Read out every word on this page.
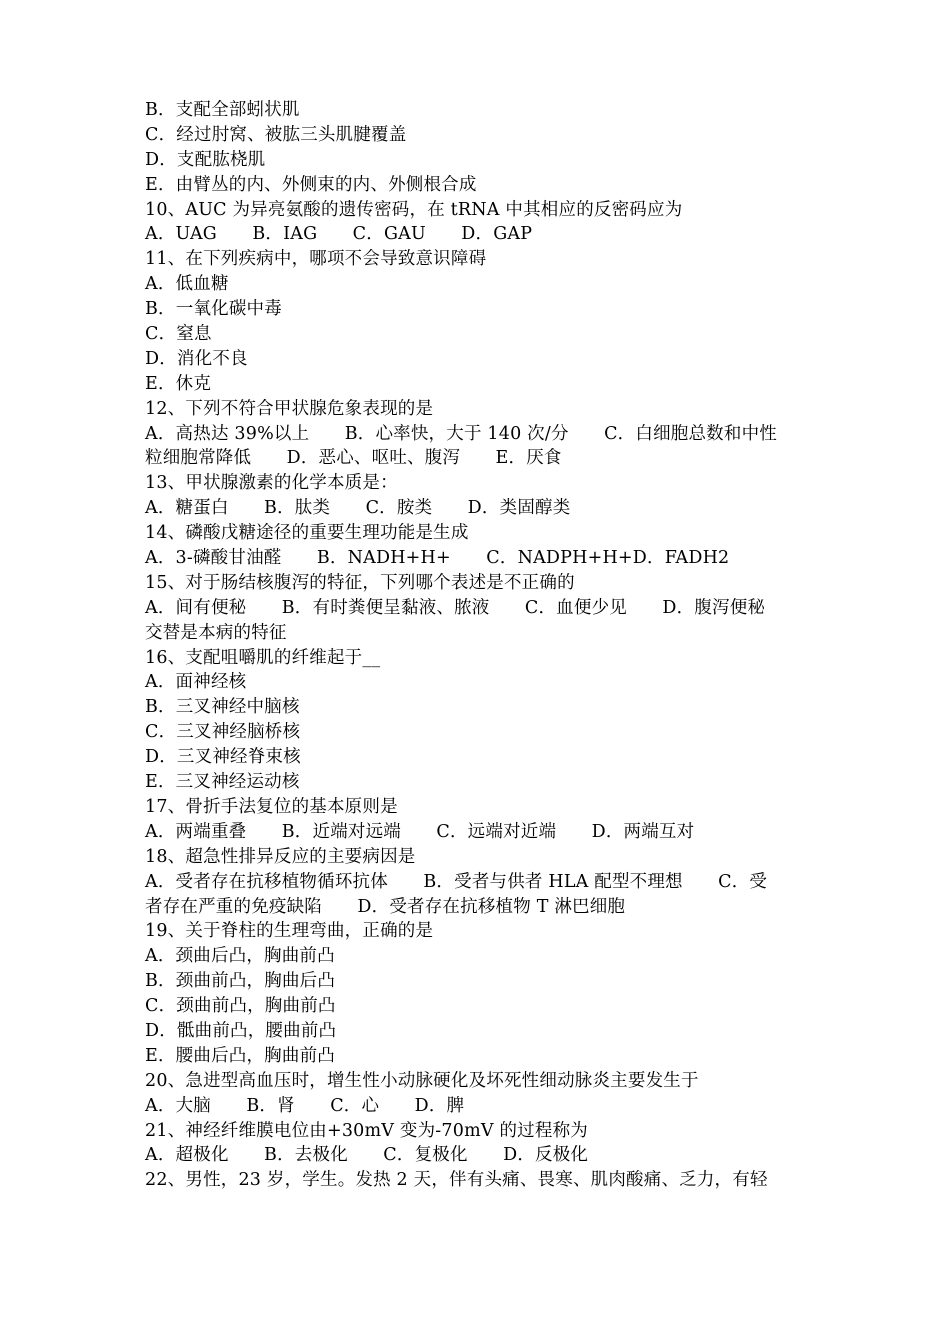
B．支配全部蚓状肌
C．经过肘窝、被肱三头肌腱覆盖
D．支配肱桡肌
E．由臂丛的内、外侧束的内、外侧根合成
10、AUC 为异亮氨酸的遗传密码，在 tRNA 中其相应的反密码应为
A．UAG　　B．IAG　　C．GAU　　D．GAP
11、在下列疾病中，哪项不会导致意识障碍
A．低血糖
B．一氧化碳中毒
C．窒息
D．消化不良
E．休克
12、下列不符合甲状腺危象表现的是
A．高热达 39%以上　　B．心率快，大于 140 次/分　　C．白细胞总数和中性
粒细胞常降低　　D．恶心、呕吐、腹泻　　E．厌食
13、甲状腺激素的化学本质是：
A．糖蛋白　　B．肽类　　C．胺类　　D．类固醇类
14、磷酸戊糖途径的重要生理功能是生成
A．3-磷酸甘油醛　　B．NADH+H+　　C．NADPH+H+D．FADH2
15、对于肠结核腹泻的特征，下列哪个表述是不正确的
A．间有便秘　　B．有时粪便呈黏液、脓液　　C．血便少见　　D．腹泻便秘
交替是本病的特征
16、支配咀嚼肌的纤维起于__
A．面神经核
B．三叉神经中脑核
C．三叉神经脑桥核
D．三叉神经脊束核
E．三叉神经运动核
17、骨折手法复位的基本原则是
A．两端重叠　　B．近端对远端　　C．远端对近端　　D．两端互对
18、超急性排异反应的主要病因是
A．受者存在抗移植物循环抗体　　B．受者与供者 HLA 配型不理想　　C．受
者存在严重的免疫缺陷　　D．受者存在抗移植物 T 淋巴细胞
19、关于脊柱的生理弯曲，正确的是
A．颈曲后凸，胸曲前凸
B．颈曲前凸，胸曲后凸
C．颈曲前凸，胸曲前凸
D．骶曲前凸，腰曲前凸
E．腰曲后凸，胸曲前凸
20、急进型高血压时，增生性小动脉硬化及坏死性细动脉炎主要发生于
A．大脑　　B．肾　　C．心　　D．脾
21、神经纤维膜电位由+30mV 变为-70mV 的过程称为
A．超极化　　B．去极化　　C．复极化　　D．反极化
22、男性，23 岁，学生。发热 2 天，伴有头痛、畏寒、肌肉酸痛、乏力，有轻
